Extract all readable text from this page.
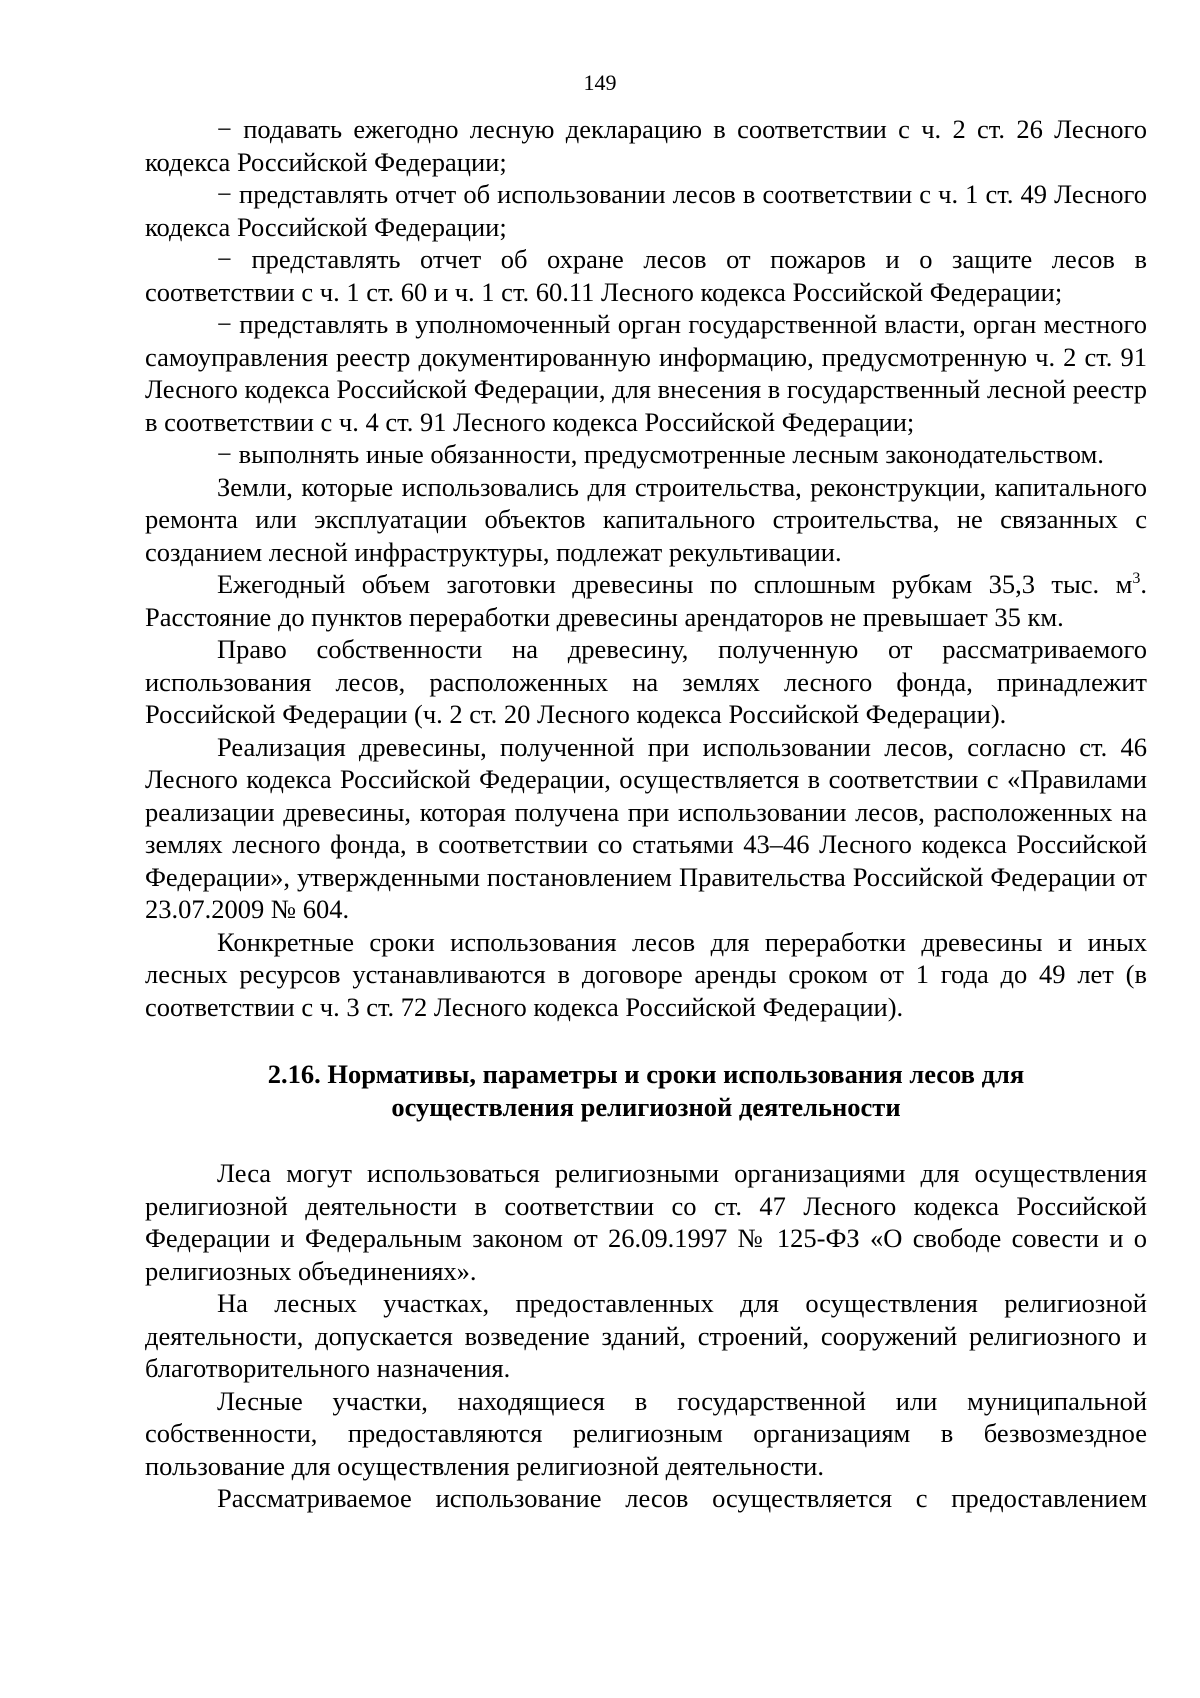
149

− подавать ежегодно лесную декларацию в соответствии с ч. 2 ст. 26 Лесного кодекса Российской Федерации;

− представлять отчет об использовании лесов в соответствии с ч. 1 ст. 49 Лесного кодекса Российской Федерации;

− представлять отчет об охране лесов от пожаров и о защите лесов в соответствии с ч. 1 ст. 60 и ч. 1 ст. 60.11 Лесного кодекса Российской Федерации;

− представлять в уполномоченный орган государственной власти, орган местного самоуправления реестр документированную информацию, предусмотренную ч. 2 ст. 91 Лесного кодекса Российской Федерации, для внесения в государственный лесной реестр в соответствии с ч. 4 ст. 91 Лесного кодекса Российской Федерации;

− выполнять иные обязанности, предусмотренные лесным законодательством.

Земли, которые использовались для строительства, реконструкции, капитального ремонта или эксплуатации объектов капитального строительства, не связанных с созданием лесной инфраструктуры, подлежат рекультивации.

Ежегодный объем заготовки древесины по сплошным рубкам 35,3 тыс. $м^3$. Расстояние до пунктов переработки древесины арендаторов не превышает 35 км.

Право собственности на древесину, полученную от рассматриваемого использования лесов, расположенных на землях лесного фонда, принадлежит Российской Федерации (ч. 2 ст. 20 Лесного кодекса Российской Федерации).

Реализация древесины, полученной при использовании лесов, согласно ст. 46 Лесного кодекса Российской Федерации, осуществляется в соответствии с «Правилами реализации древесины, которая получена при использовании лесов, расположенных на землях лесного фонда, в соответствии со статьями 43–46 Лесного кодекса Российской Федерации», утвержденными постановлением Правительства Российской Федерации от 23.07.2009 № 604.

Конкретные сроки использования лесов для переработки древесины и иных лесных ресурсов устанавливаются в договоре аренды сроком от 1 года до 49 лет (в соответствии с ч. 3 ст. 72 Лесного кодекса Российской Федерации).

2.16. Нормативы, параметры и сроки использования лесов для осуществления религиозной деятельности

Леса могут использоваться религиозными организациями для осуществления религиозной деятельности в соответствии со ст. 47 Лесного кодекса Российской Федерации и Федеральным законом от 26.09.1997 № 125-ФЗ «О свободе совести и о религиозных объединениях».

На лесных участках, предоставленных для осуществления религиозной деятельности, допускается возведение зданий, строений, сооружений религиозного и благотворительного назначения.

Лесные участки, находящиеся в государственной или муниципальной собственности, предоставляются религиозным организациям в безвозмездное пользование для осуществления религиозной деятельности.

Рассматриваемое использование лесов осуществляется с предоставлением
